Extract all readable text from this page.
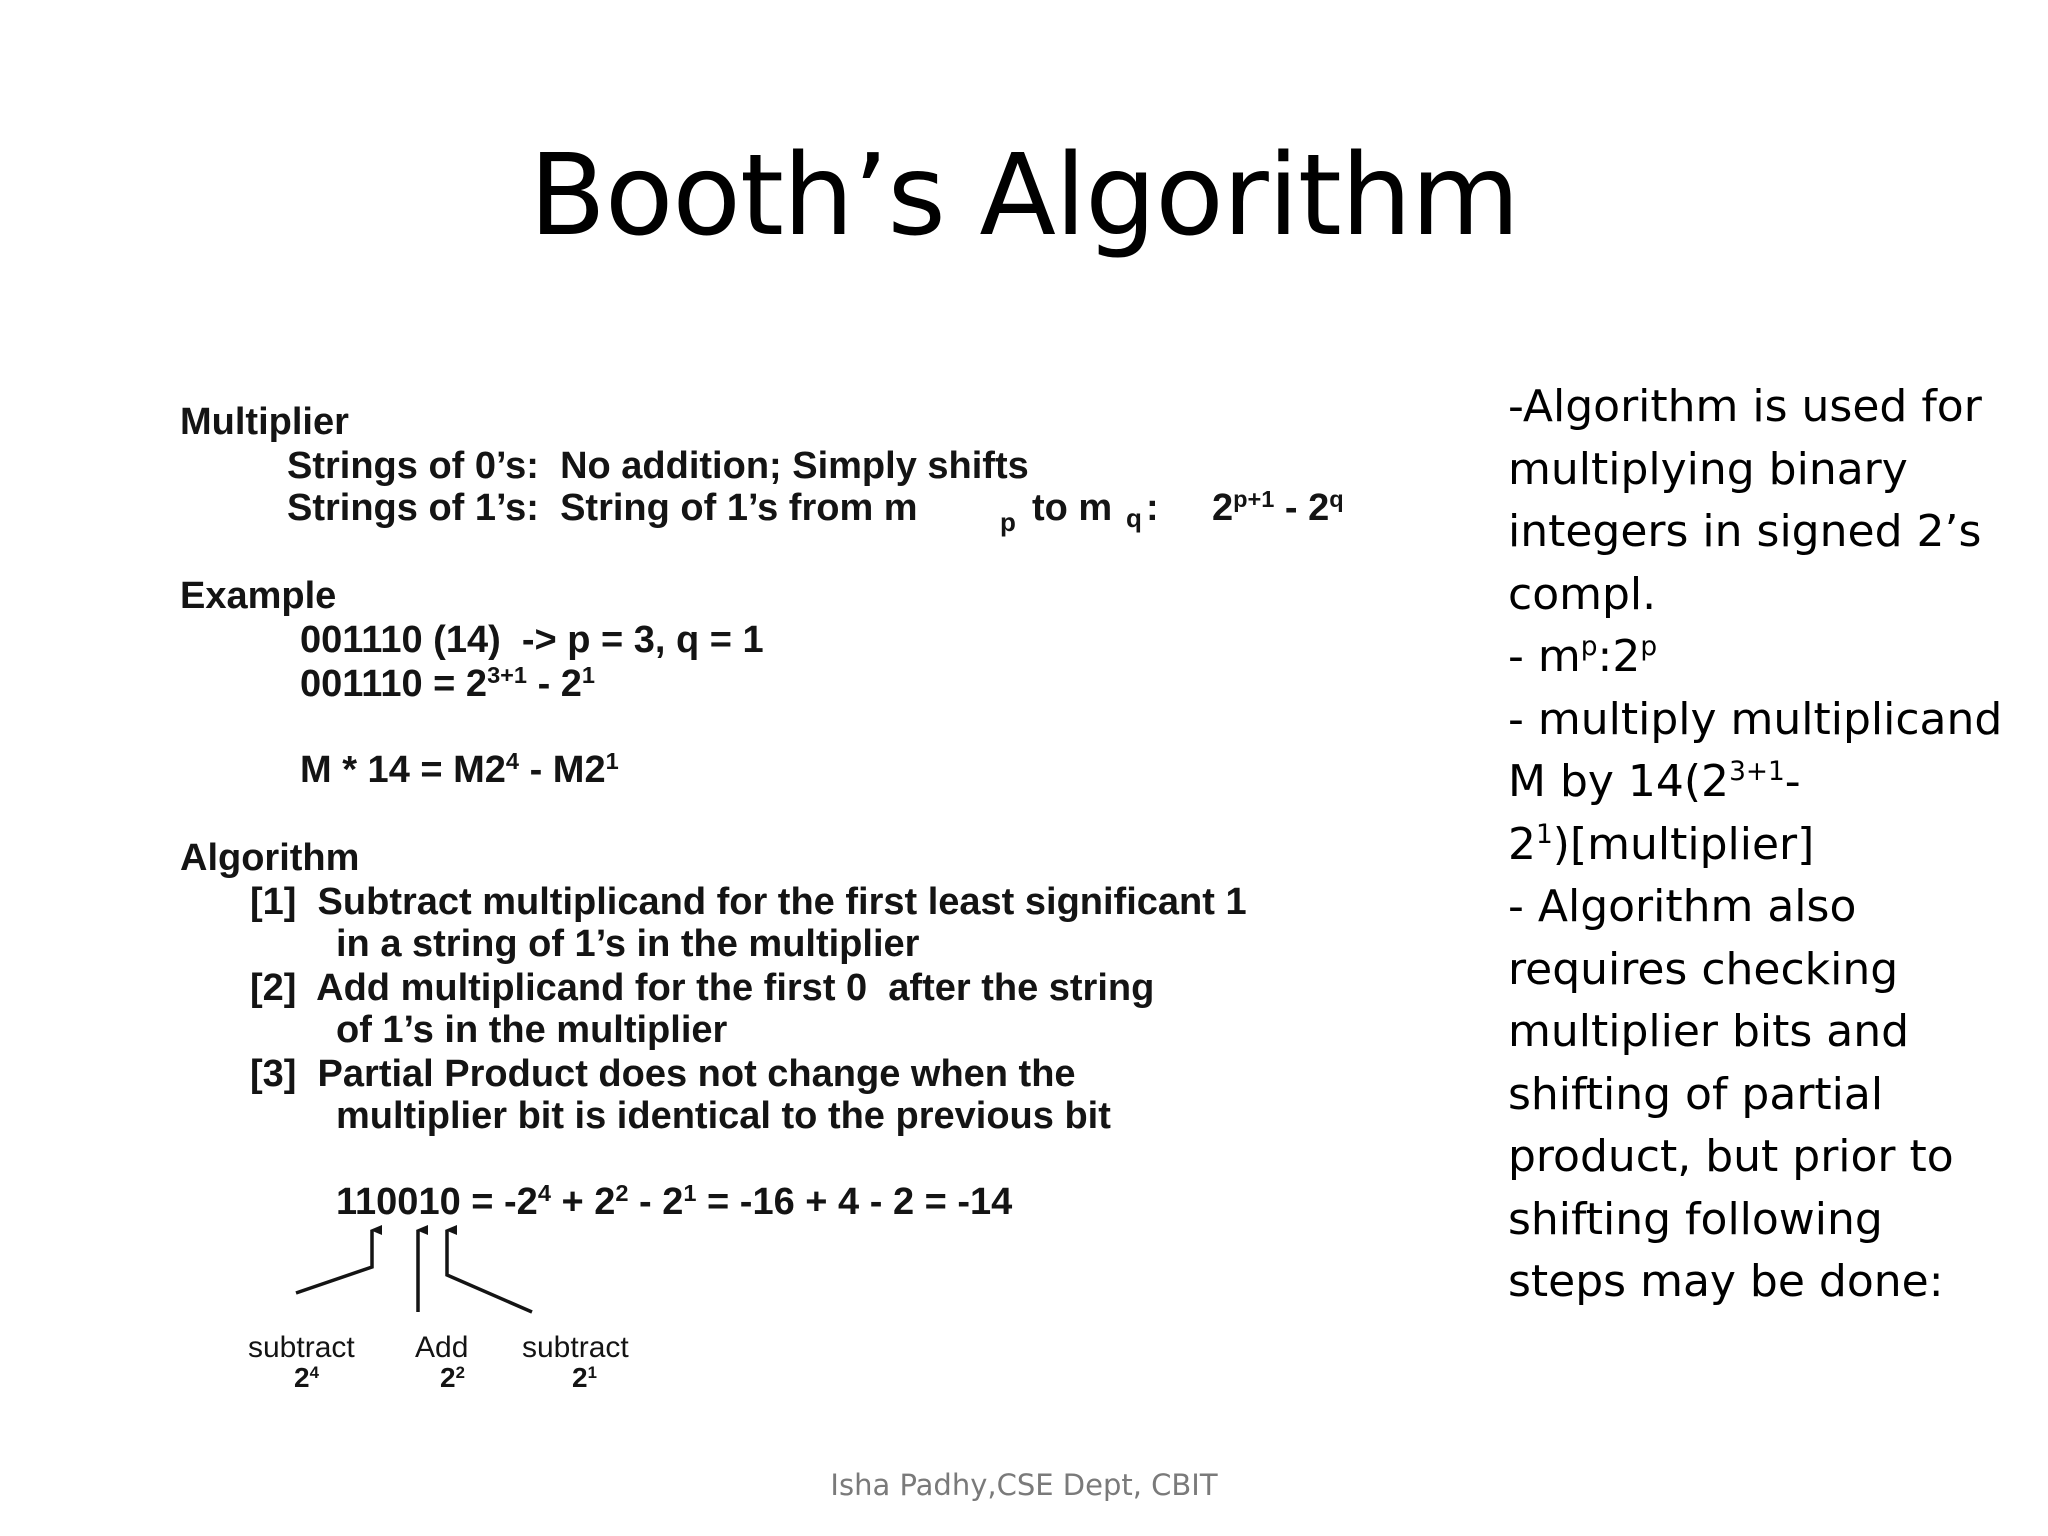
Booth’s Algorithm
Multiplier
Strings of 0’s:  No addition; Simply shifts
Strings of 1’s:  String of 1’s from m	p to m q : $2^{p+1} - 2^q$
Example
001110 (14)  -> p = 3, q = 1
$001110 = 2^{3+1} - 2^1$
$M * 14 = M2^4 - M2^1$
Algorithm
[1]  Subtract multiplicand for the first least significant 1
in a string of 1’s in the multiplier
[2]  Add multiplicand for the first 0  after the string
of 1’s in the multiplier
[3]  Partial Product does not change when the
multiplier bit is identical to the previous bit
$110010 = -2^4 + 2^2 - 2^1 = -16 + 4 - 2 = -14$
subtract
$2^4$
Add
$2^2$
subtract
$2^1$
-Algorithm is used for
multiplying binary
integers in signed 2’s
compl.
- $m^p:2^p$
- multiply multiplicand
M by $14(2^{3+1}-$
$2^1)[multiplier]$
- Algorithm also
requires checking
multiplier bits and
shifting of partial
product, but prior to
shifting following
steps may be done:
Isha Padhy,CSE Dept, CBIT
